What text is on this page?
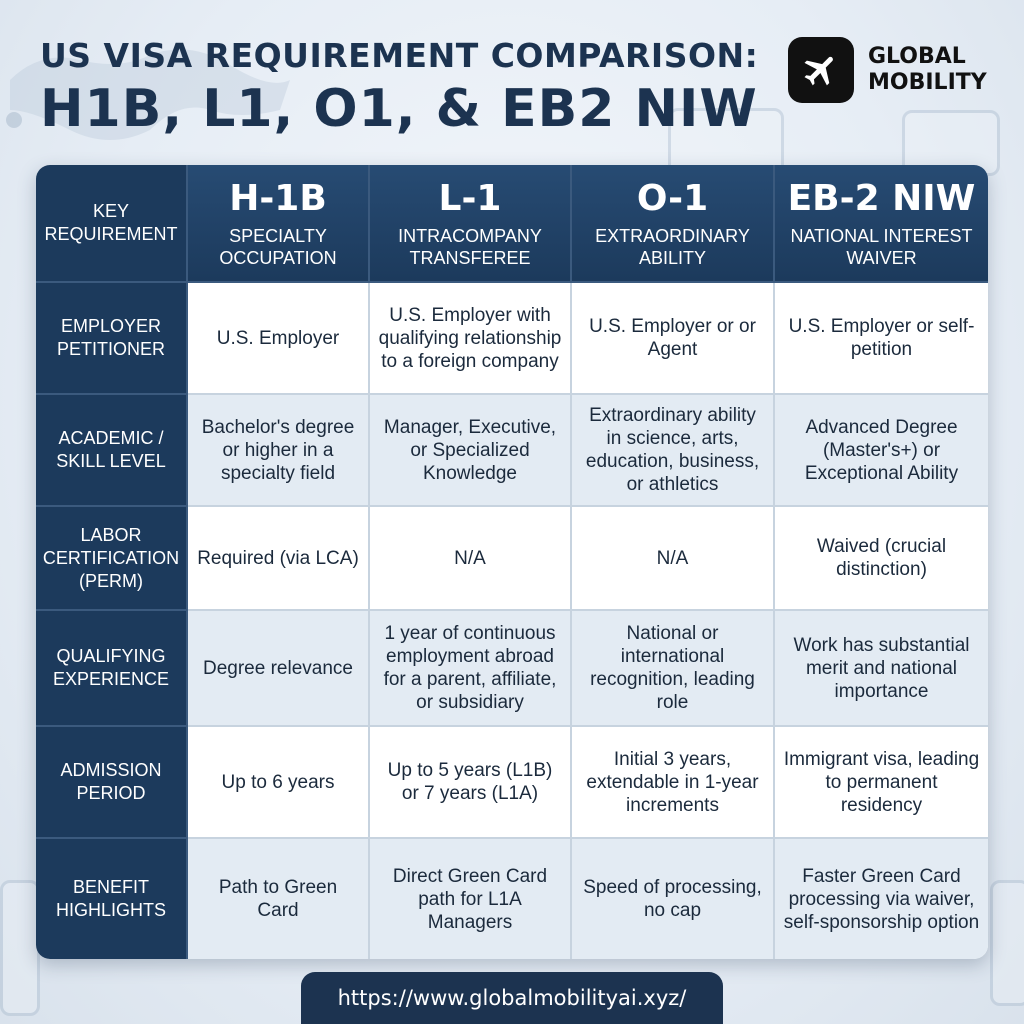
US VISA REQUIREMENT COMPARISON:
H1B, L1, O1, & EB2 NIW
GLOBAL
MOBILITY
KEY REQUIREMENT
H-1B
SPECIALTY OCCUPATION
L-1
INTRACOMPANY TRANSFEREE
O-1
EXTRAORDINARY ABILITY
EB-2 NIW
NATIONAL INTEREST WAIVER
EMPLOYER PETITIONER
U.S. Employer
U.S. Employer with qualifying relationship to a foreign company
U.S. Employer or or Agent
U.S. Employer or self-petition
ACADEMIC / SKILL LEVEL
Bachelor's degree or higher in a specialty field
Manager, Executive, or Specialized Knowledge
Extraordinary ability in science, arts, education, business, or athletics
Advanced Degree (Master's+) or Exceptional Ability
LABOR CERTIFICATION (PERM)
Required (via LCA)	N/A	N/A
Waived (crucial distinction)
QUALIFYING EXPERIENCE
Degree relevance
1 year of continuous employment abroad for a parent, affiliate, or subsidiary
National or international recognition, leading role
Work has substantial merit and national importance
ADMISSION PERIOD
Up to 6 years
Up to 5 years (L1B) or 7 years (L1A)
Initial 3 years, extendable in 1-year increments
Immigrant visa, leading to permanent residency
BENEFIT HIGHLIGHTS
Path to Green Card
Direct Green Card path for L1A Managers
Speed of processing, no cap
Faster Green Card processing via waiver, self-sponsorship option
https://www.globalmobilityai.xyz/
